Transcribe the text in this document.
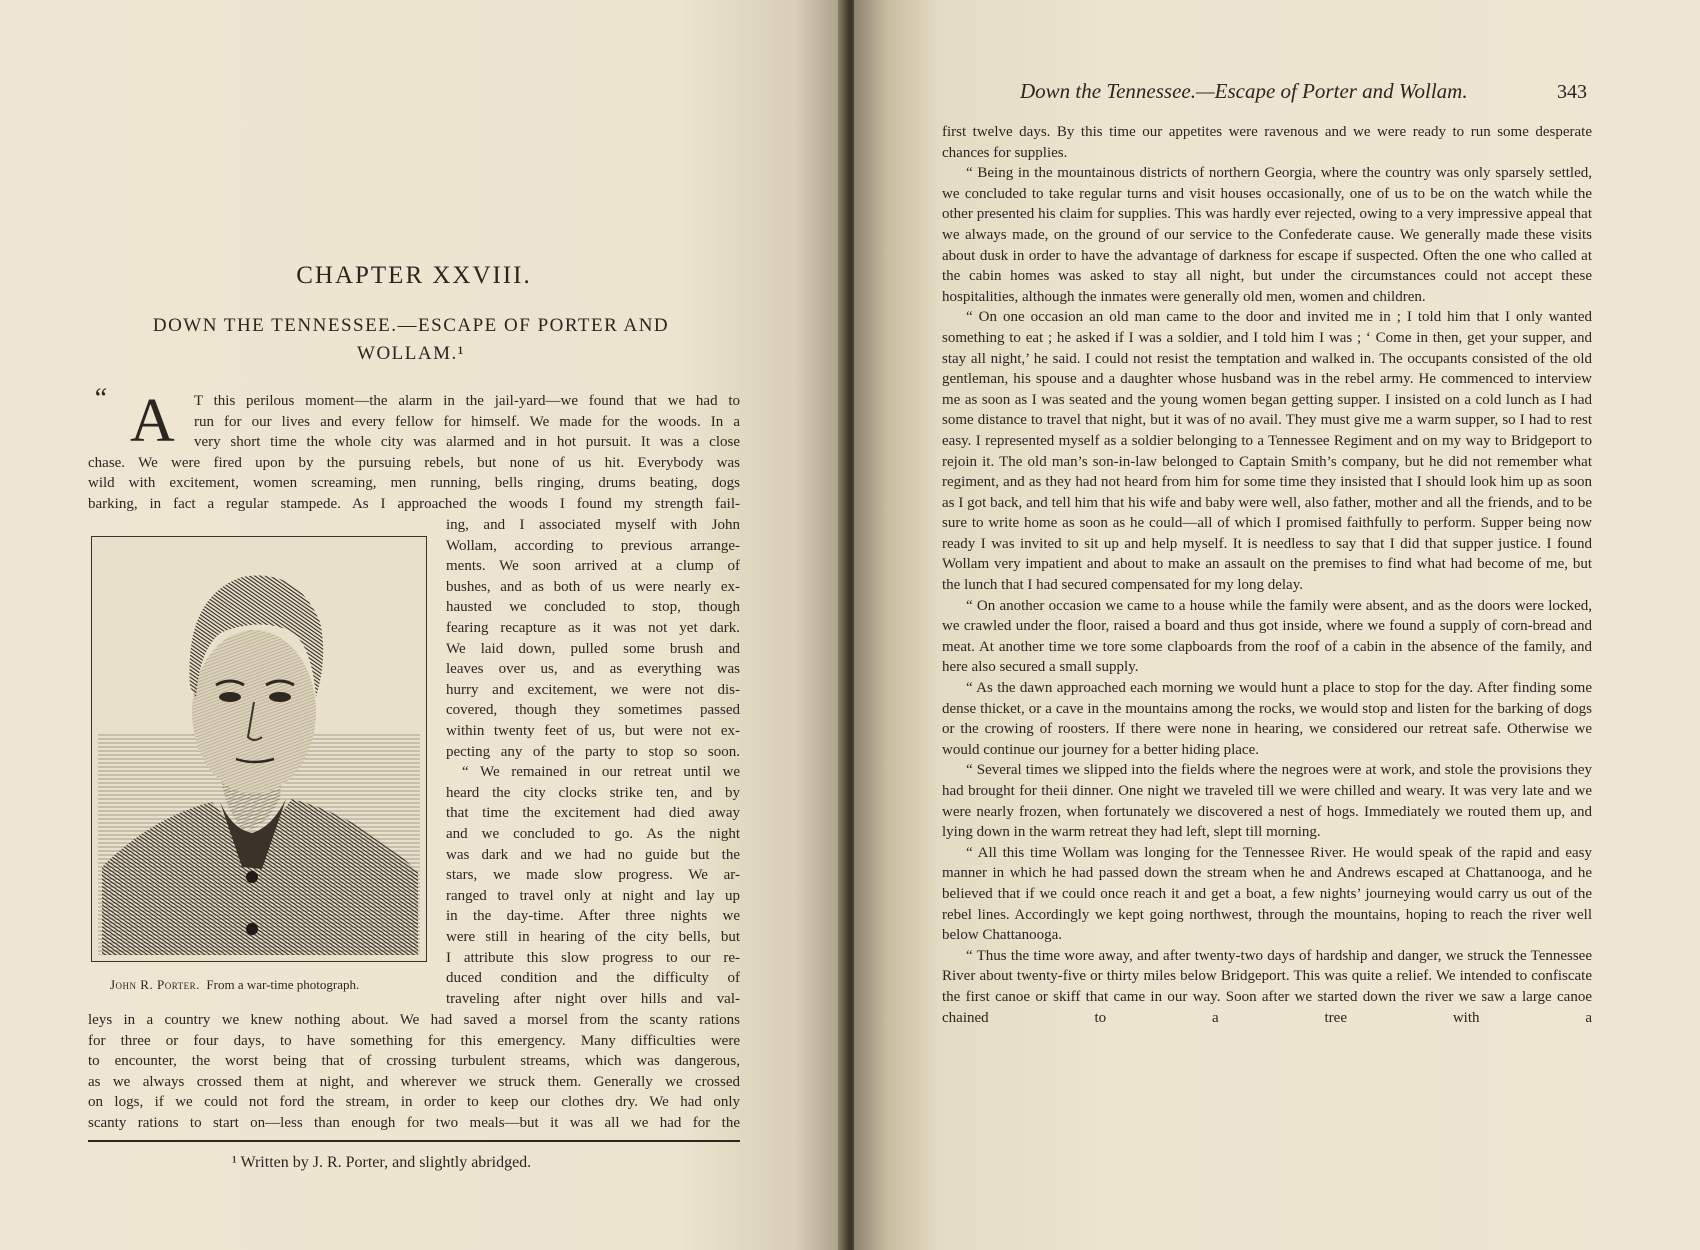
CHAPTER XXVIII.
DOWN THE TENNESSEE.—ESCAPE OF PORTER AND WOLLAM.¹
“ A T this perilous moment—the alarm in the jail-yard—we found that we had to
run for our lives and every fellow for himself. We made for the woods. In a
very short time the whole city was alarmed and in hot pursuit. It was a close
chase. We were fired upon by the pursuing rebels, but none of us hit. Everybody was
wild with excitement, women screaming, men running, bells ringing, drums beating, dogs
barking, in fact a regular stampede. As I approached the woods I found my strength fail-
ing, and I associated myself with John
Wollam, according to previous arrange-
ments. We soon arrived at a clump of
bushes, and as both of us were nearly ex-
hausted we concluded to stop, though
fearing recapture as it was not yet dark.
We laid down, pulled some brush and
leaves over us, and as everything was
hurry and excitement, we were not dis-
covered, though they sometimes passed
within twenty feet of us, but were not ex-
pecting any of the party to stop so soon.
“ We remained in our retreat until we
heard the city clocks strike ten, and by
that time the excitement had died away
and we concluded to go. As the night
was dark and we had no guide but the
stars, we made slow progress. We ar-
ranged to travel only at night and lay up
in the day-time. After three nights we
were still in hearing of the city bells, but
I attribute this slow progress to our re-
duced condition and the difficulty of
traveling after night over hills and val-
leys in a country we knew nothing about. We had saved a morsel from the scanty rations
for three or four days, to have something for this emergency. Many difficulties were
to encounter, the worst being that of crossing turbulent streams, which was dangerous,
as we always crossed them at night, and wherever we struck them. Generally we crossed
on logs, if we could not ford the stream, in order to keep our clothes dry. We had only
scanty rations to start on—less than enough for two meals—but it was all we had for the
John R. Porter. From a war-time photograph.
¹ Written by J. R. Porter, and slightly abridged.
Down the Tennessee.—Escape of Porter and Wollam.	343

first twelve days. By this time our appetites were ravenous and we were ready to run some desperate chances for supplies.

“ Being in the mountainous districts of northern Georgia, where the country was only sparsely settled, we concluded to take regular turns and visit houses occasionally, one of us to be on the watch while the other presented his claim for supplies. This was hardly ever rejected, owing to a very impressive appeal that we always made, on the ground of our service to the Confederate cause. We generally made these visits about dusk in order to have the advantage of darkness for escape if suspected. Often the one who called at the cabin homes was asked to stay all night, but under the circumstances could not accept these hospitalities, although the inmates were generally old men, women and children.

“ On one occasion an old man came to the door and invited me in ; I told him that I only wanted something to eat ; he asked if I was a soldier, and I told him I was ; ‘ Come in then, get your supper, and stay all night,’ he said. I could not resist the temptation and walked in. The occupants consisted of the old gentleman, his spouse and a daughter whose husband was in the rebel army. He commenced to interview me as soon as I was seated and the young women began getting supper. I insisted on a cold lunch as I had some distance to travel that night, but it was of no avail. They must give me a warm supper, so I had to rest easy. I represented myself as a soldier belonging to a Tennessee Regiment and on my way to Bridgeport to rejoin it. The old man’s son-in-law belonged to Captain Smith’s company, but he did not remember what regiment, and as they had not heard from him for some time they insisted that I should look him up as soon as I got back, and tell him that his wife and baby were well, also father, mother and all the friends, and to be sure to write home as soon as he could—all of which I promised faithfully to perform. Supper being now ready I was invited to sit up and help myself. It is needless to say that I did that supper justice. I found Wollam very impatient and about to make an assault on the premises to find what had become of me, but the lunch that I had secured compensated for my long delay.

“ On another occasion we came to a house while the family were absent, and as the doors were locked, we crawled under the floor, raised a board and thus got inside, where we found a supply of corn-bread and meat. At another time we tore some clapboards from the roof of a cabin in the absence of the family, and here also secured a small supply.

“ As the dawn approached each morning we would hunt a place to stop for the day. After finding some dense thicket, or a cave in the mountains among the rocks, we would stop and listen for the barking of dogs or the crowing of roosters. If there were none in hearing, we considered our retreat safe. Otherwise we would continue our journey for a better hiding place.

“ Several times we slipped into the fields where the negroes were at work, and stole the provisions they had brought for theii dinner. One night we traveled till we were chilled and weary. It was very late and we were nearly frozen, when fortunately we discovered a nest of hogs. Immediately we routed them up, and lying down in the warm retreat they had left, slept till morning.

“ All this time Wollam was longing for the Tennessee River. He would speak of the rapid and easy manner in which he had passed down the stream when he and Andrews escaped at Chattanooga, and he believed that if we could once reach it and get a boat, a few nights’ journeying would carry us out of the rebel lines. Accordingly we kept going northwest, through the mountains, hoping to reach the river well below Chattanooga.

“ Thus the time wore away, and after twenty-two days of hardship and danger, we struck the Tennessee River about twenty-five or thirty miles below Bridgeport. This was quite a relief. We intended to confiscate the first canoe or skiff that came in our way. Soon after we started down the river we saw a large canoe chained to a tree with a
